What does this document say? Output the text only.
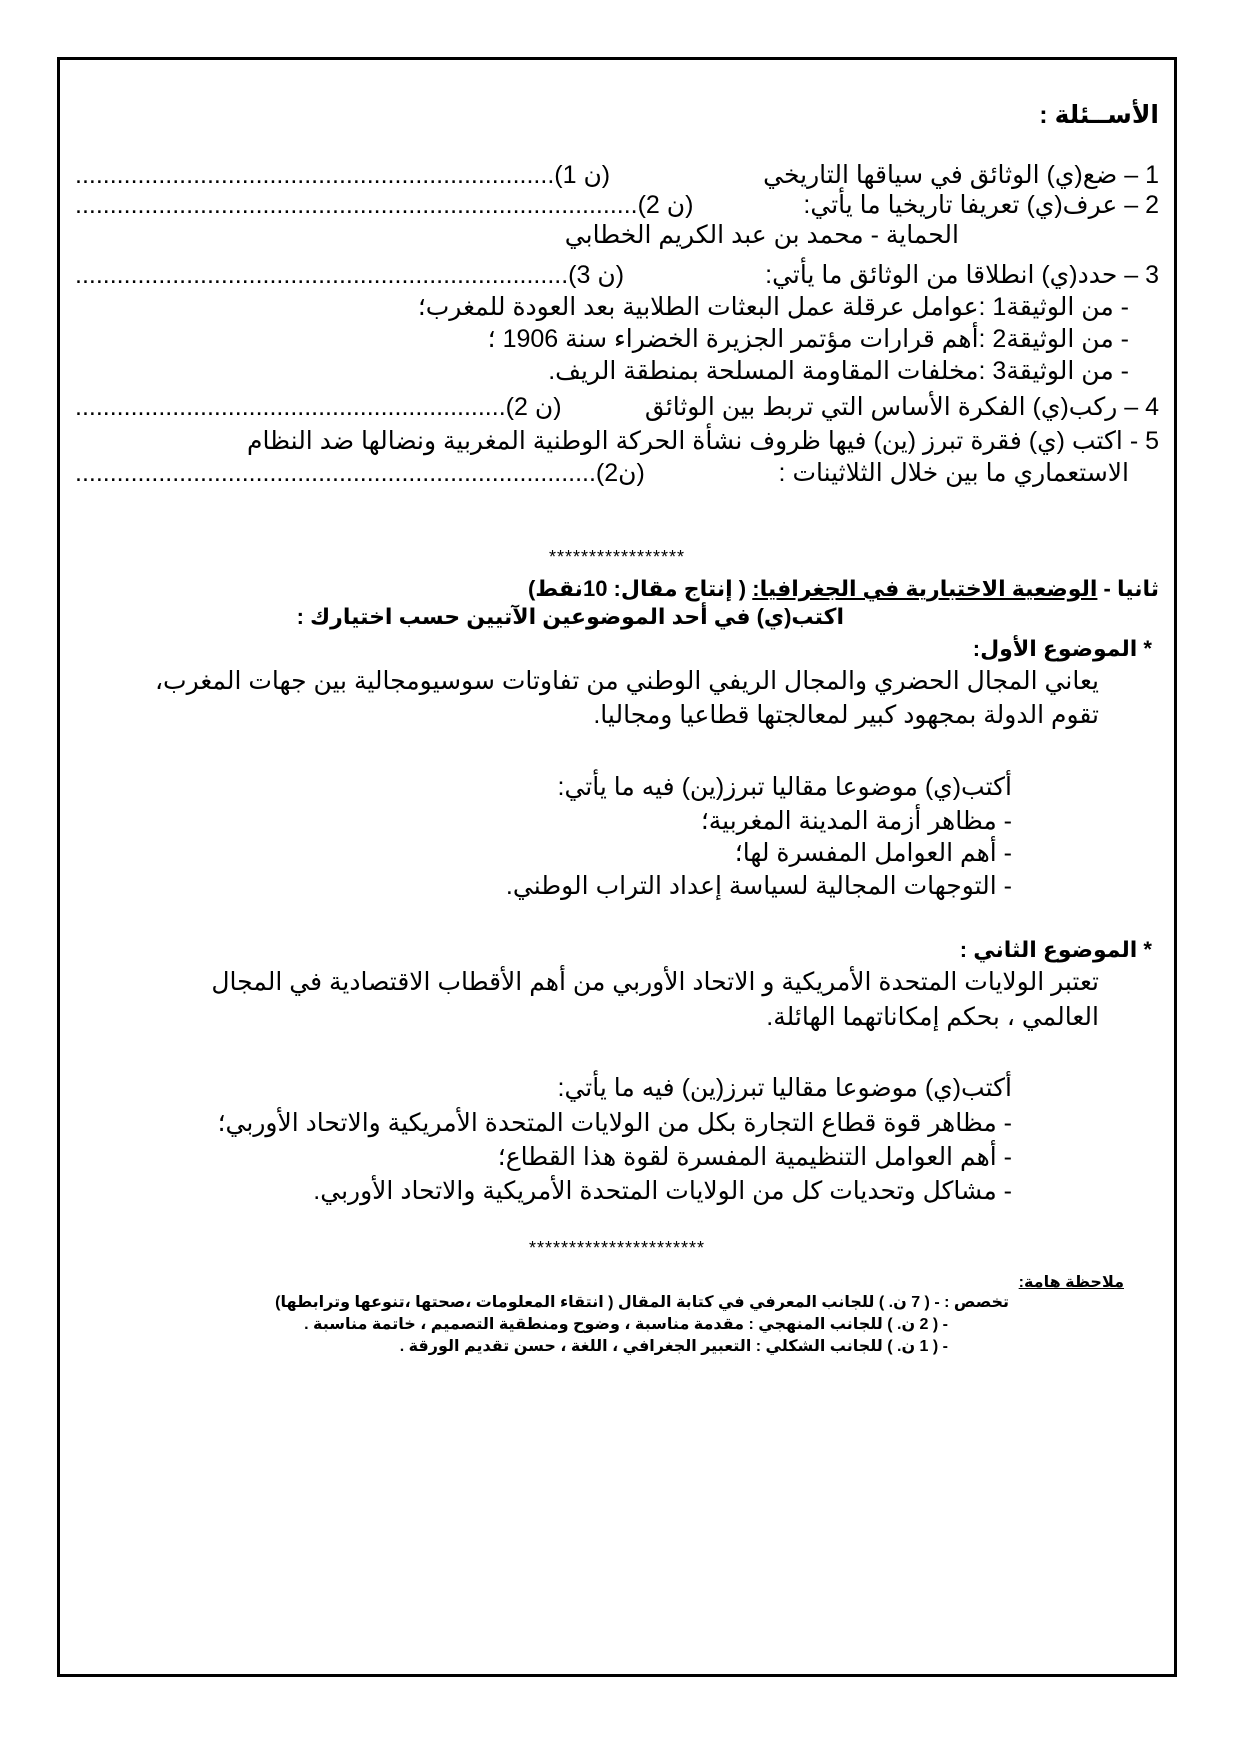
الأســئلة :
1 – ضع(ي) الوثائق في سياقها التاريخي
.....................................................................(1 ن)
2 – عرف(ي) تعريفا تاريخيا ما يأتي:
.................................................................................(2 ن)
الحماية - محمد بن عبد الكريم الخطابي
3 – حدد(ي) انطلاقا من الوثائق ما يأتي:
.......................................................................(3 ن)
- من الوثيقة1 :عوامل عرقلة عمل البعثات الطلابية بعد العودة للمغرب؛
- من الوثيقة2 :أهم قرارات مؤتمر الجزيرة الخضراء سنة 1906 ؛
- من الوثيقة3 :مخلفات المقاومة المسلحة بمنطقة الريف.
4 – ركب(ي) الفكرة الأساس التي تربط بين الوثائق
..............................................................(2 ن)
5 - اكتب (ي) فقرة تبرز (ين) فيها ظروف نشأة الحركة الوطنية المغربية ونضالها ضد النظام
الاستعماري ما بين خلال الثلاثينات :
...........................................................................(2ن)
*****************
ثانيا - الوضعية الاختبارية في الجغرافيا: ( إنتاج مقال: 10نقط)
اكتب(ي) في أحد الموضوعين الآتيين حسب اختيارك :
* الموضوع الأول:
يعاني المجال الحضري والمجال الريفي الوطني من تفاوتات سوسيومجالية بين جهات المغرب،
تقوم الدولة بمجهود كبير لمعالجتها قطاعيا ومجاليا.
أكتب(ي) موضوعا مقاليا تبرز(ين) فيه ما يأتي:
- مظاهر أزمة المدينة المغربية؛
- أهم العوامل المفسرة لها؛
- التوجهات المجالية لسياسة إعداد التراب الوطني.
* الموضوع الثاني :
تعتبر الولايات المتحدة الأمريكية و الاتحاد الأوربي من أهم الأقطاب الاقتصادية في المجال
العالمي ، بحكم إمكاناتهما الهائلة.
أكتب(ي) موضوعا مقاليا تبرز(ين) فيه ما يأتي:
- مظاهر قوة قطاع التجارة بكل من الولايات المتحدة الأمريكية والاتحاد الأوربي؛
- أهم العوامل التنظيمية المفسرة لقوة هذا القطاع؛
- مشاكل وتحديات كل من الولايات المتحدة الأمريكية والاتحاد الأوربي.
**********************
ملاحظة هامة:
تخصص : - ( 7 ن. ) للجانب المعرفي في كتابة المقال ( انتقاء المعلومات ،صحتها ،تنوعها وترابطها)
- ( 2 ن. ) للجانب المنهجي : مقدمة مناسبة ، وضوح ومنطقية التصميم ، خاتمة مناسبة .
- ( 1 ن. ) للجانب الشكلي : التعبير الجغرافي ، اللغة ، حسن تقديم الورقة .
